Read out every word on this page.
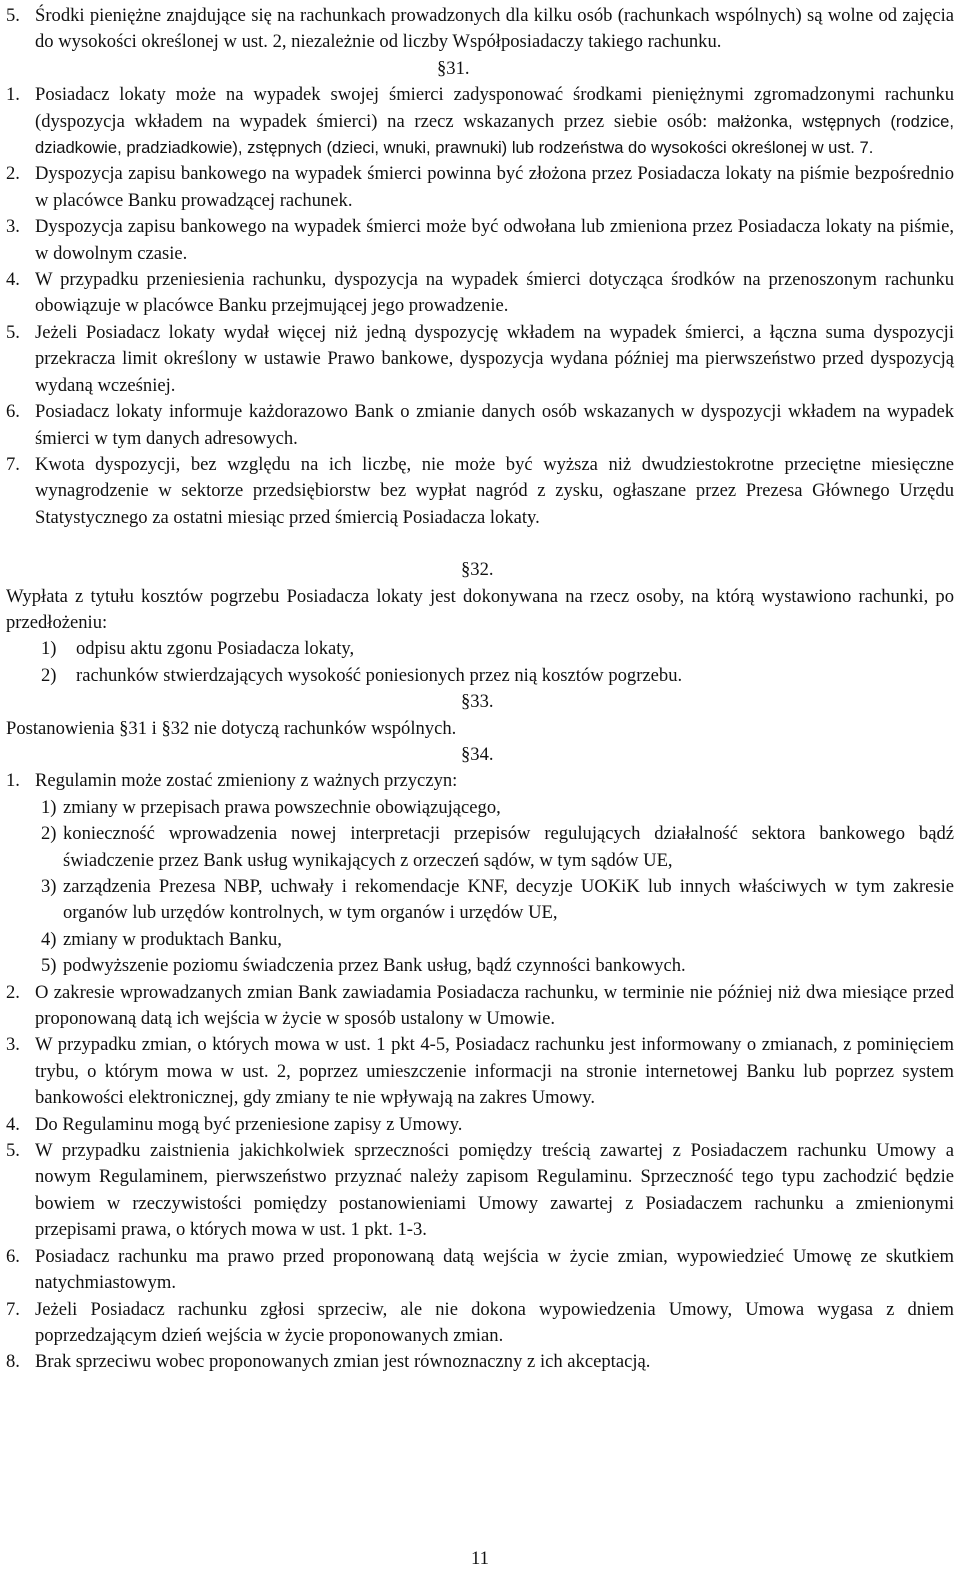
5. Środki pieniężne znajdujące się na rachunkach prowadzonych dla kilku osób (rachunkach wspólnych) są wolne od zajęcia do wysokości określonej w ust. 2, niezależnie od liczby Współposiadaczy takiego rachunku.
§31.
1. Posiadacz lokaty może na wypadek swojej śmierci zadysponować środkami pieniężnymi zgromadzonymi rachunku (dyspozycja wkładem na wypadek śmierci) na rzecz wskazanych przez siebie osób: małżonka, wstępnych (rodzice, dziadkowie, pradziadkowie), zstępnych (dzieci, wnuki, prawnuki) lub rodzeństwa do wysokości określonej w ust. 7.
2. Dyspozycja zapisu bankowego na wypadek śmierci powinna być złożona przez Posiadacza lokaty na piśmie bezpośrednio w placówce Banku prowadzącej rachunek.
3. Dyspozycja zapisu bankowego na wypadek śmierci może być odwołana lub zmieniona przez Posiadacza lokaty na piśmie, w dowolnym czasie.
4. W przypadku przeniesienia rachunku, dyspozycja na wypadek śmierci dotycząca środków na przenoszonym rachunku obowiązuje w placówce Banku przejmującej jego prowadzenie.
5. Jeżeli Posiadacz lokaty wydał więcej niż jedną dyspozycję wkładem na wypadek śmierci, a łączna suma dyspozycji przekracza limit określony w ustawie Prawo bankowe, dyspozycja wydana później ma pierwszeństwo przed dyspozycją wydaną wcześniej.
6. Posiadacz lokaty informuje każdorazowo Bank o zmianie danych osób wskazanych w dyspozycji wkładem na wypadek śmierci w tym danych adresowych.
7. Kwota dyspozycji, bez względu na ich liczbę, nie może być wyższa niż dwudziestokrotne przeciętne miesięczne wynagrodzenie w sektorze przedsiębiorstw bez wypłat nagród z zysku, ogłaszane przez Prezesa Głównego Urzędu Statystycznego za ostatni miesiąc przed śmiercią Posiadacza lokaty.
§32.
Wypłata z tytułu kosztów pogrzebu Posiadacza lokaty jest dokonywana na rzecz osoby, na którą wystawiono rachunki, po przedłożeniu:
1)	odpisu aktu zgonu Posiadacza lokaty,
2)	rachunków stwierdzających wysokość poniesionych przez nią kosztów pogrzebu.
§33.
Postanowienia §31 i §32 nie dotyczą rachunków wspólnych.
§34.
1. Regulamin może zostać zmieniony z ważnych przyczyn:
1) zmiany w przepisach prawa powszechnie obowiązującego,
2) konieczność wprowadzenia nowej interpretacji przepisów regulujących działalność sektora bankowego bądź świadczenie przez Bank usług wynikających z orzeczeń sądów, w tym sądów UE,
3) zarządzenia Prezesa NBP, uchwały i rekomendacje KNF, decyzje UOKiK lub innych właściwych w tym zakresie organów lub urzędów kontrolnych, w tym organów i urzędów UE,
4) zmiany w produktach Banku,
5) podwyższenie poziomu świadczenia przez Bank usług, bądź czynności bankowych.
2. O zakresie wprowadzanych zmian Bank zawiadamia Posiadacza rachunku, w terminie nie później niż dwa miesiące przed proponowaną datą ich wejścia w życie w sposób ustalony w Umowie.
3. W przypadku zmian, o których mowa w ust. 1 pkt 4-5, Posiadacz rachunku jest informowany o zmianach, z pominięciem trybu, o którym mowa w ust. 2, poprzez umieszczenie informacji na stronie internetowej Banku lub poprzez system bankowości elektronicznej, gdy zmiany te nie wpływają na zakres Umowy.
4. Do Regulaminu mogą być przeniesione zapisy z Umowy.
5. W przypadku zaistnienia jakichkolwiek sprzeczności pomiędzy treścią zawartej z Posiadaczem rachunku Umowy a nowym Regulaminem, pierwszeństwo przyznać należy zapisom Regulaminu. Sprzeczność tego typu zachodzić będzie bowiem w rzeczywistości pomiędzy postanowieniami Umowy zawartej z Posiadaczem rachunku a zmienionymi przepisami prawa, o których mowa w ust. 1 pkt. 1-3.
6. Posiadacz rachunku ma prawo przed proponowaną datą wejścia w życie zmian, wypowiedzieć Umowę ze skutkiem natychmiastowym.
7. Jeżeli Posiadacz rachunku zgłosi sprzeciw, ale nie dokona wypowiedzenia Umowy, Umowa wygasa z dniem poprzedzającym dzień wejścia w życie proponowanych zmian.
8. Brak sprzeciwu wobec proponowanych zmian jest równoznaczny z ich akceptacją.
11
